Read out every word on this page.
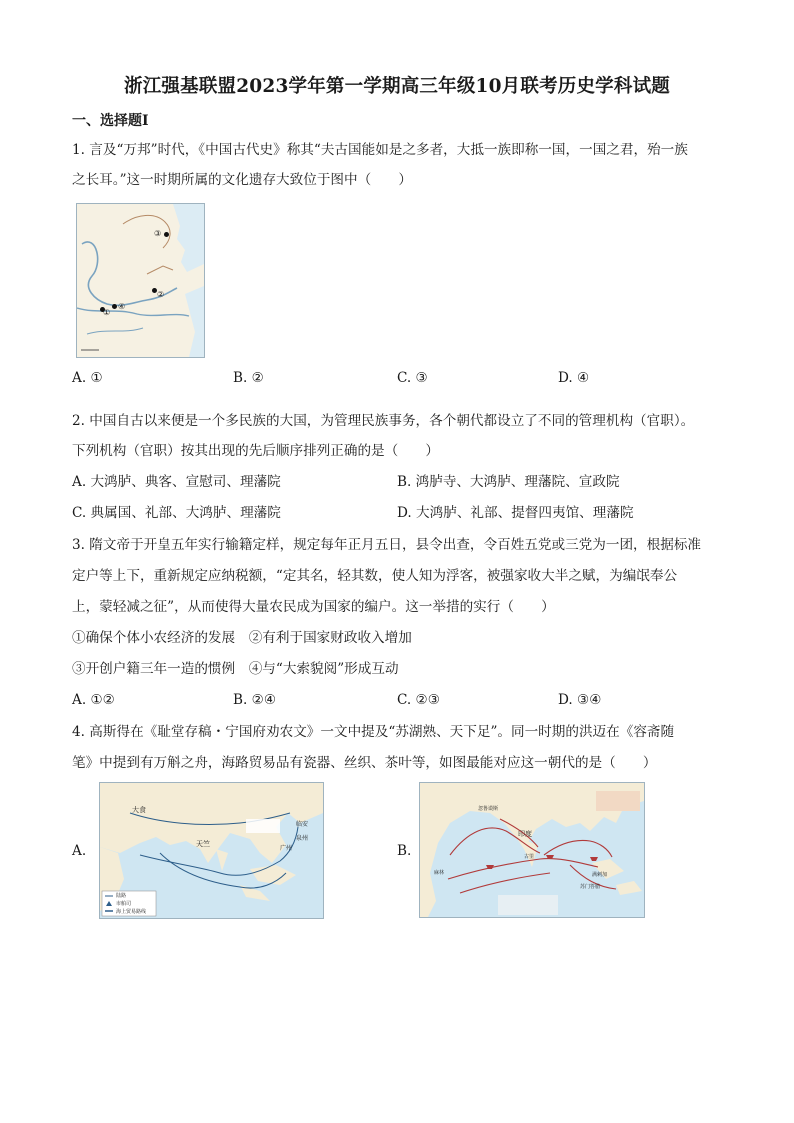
浙江强基联盟2023学年第一学期高三年级10月联考历史学科试题
一、选择题Ⅰ
1. 言及“万邦”时代，《中国古代史》称其“夫古国能如是之多者，大抵一族即称一国，一国之君，殆一族
之长耳。”这一时期所属的文化遗存大致位于图中（　　）
③
②
①
④
A. ①	B. ②	C. ③	D. ④
2. 中国自古以来便是一个多民族的大国，为管理民族事务，各个朝代都设立了不同的管理机构（官职）。
下列机构（官职）按其出现的先后顺序排列正确的是（　　）
A. 大鸿胪、典客、宣慰司、理藩院	B. 鸿胪寺、大鸿胪、理藩院、宣政院
C. 典属国、礼部、大鸿胪、理藩院	D. 大鸿胪、礼部、提督四夷馆、理藩院
3. 隋文帝于开皇五年实行输籍定样，规定每年正月五日，县令出查，令百姓五党或三党为一团，根据标准
定户等上下，重新规定应纳税额，“定其名，轻其数，使人知为浮客，被强家收大半之赋，为编氓奉公
上，蒙轻减之征”，从而使得大量农民成为国家的编户。这一举措的实行（　　）
①确保个体小农经济的发展　②有利于国家财政收入增加
③开创户籍三年一造的惯例　④与“大索貌阅”形成互动
A. ①②	B. ②④	C. ②③	D. ③④
4. 高斯得在《耻堂存稿・宁国府劝农文》一文中提及“苏湖熟、天下足”。同一时期的洪迈在《容斋随
笔》中提到有万斛之舟，海路贸易品有瓷器、丝织、茶叶等，如图最能对应这一朝代的是（　　）
A.
大食
天竺
临安
广州
泉州
陆路
市舶司
海上贸易路线
B.
印度
古里
满剌加
苏门答腊
忽鲁谟斯
麻林
